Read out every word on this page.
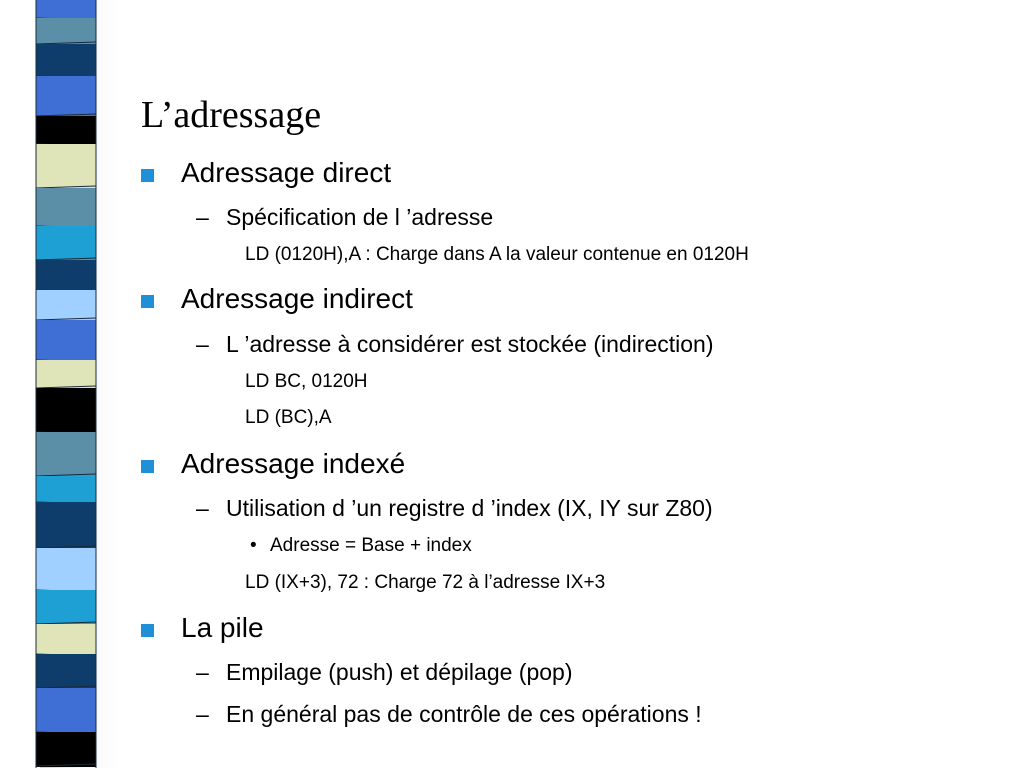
L’adressage
Adressage direct
– Spécification de l ’adresse
LD (0120H),A : Charge dans A la valeur contenue en 0120H
Adressage indirect
– L ’adresse à considérer est stockée (indirection)
LD BC, 0120H
LD (BC),A
Adressage indexé
– Utilisation d ’un registre d ’index (IX, IY sur Z80)
• Adresse = Base + index
LD (IX+3), 72 : Charge 72 à l’adresse IX+3
La pile
– Empilage (push) et dépilage (pop)
– En général pas de contrôle de ces opérations !
